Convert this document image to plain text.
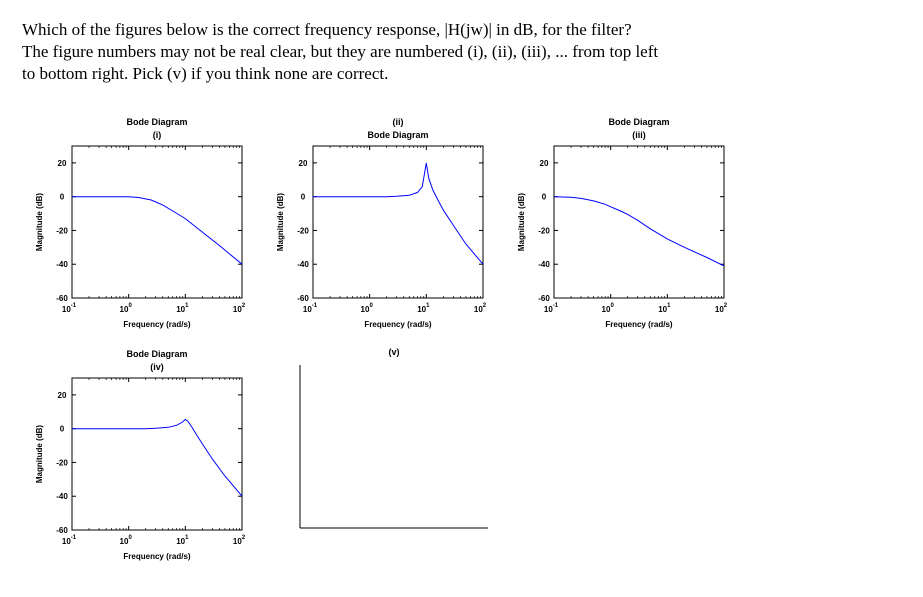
Which of the figures below is the correct frequency response, |H(jw)| in dB, for the filter?
The figure numbers may not be real clear, but they are numbered (i), (ii), (iii), ... from top left
to bottom right. Pick (v) if you think none are correct.
Bode Diagram
(i)
20
0
-20
-40
-60
$10^{-1}$	$10^0$	$10^1$	$10^2$
Frequency (rad/s)
Magnitude (dB)
Bode Diagram
(ii)
20
0
-20
-40
-60
$10^{-1}$	$10^0$	$10^1$	$10^2$
Frequency (rad/s)
Magnitude (dB)
Bode Diagram
(iii)
20
0
-20
-40
-60
$10^{-1}$	$10^0$	$10^1$	$10^2$
Frequency (rad/s)
Magnitude (dB)
Bode Diagram
(iv)
20
0
-20
-40
-60
$10^{-1}$	$10^0$	$10^1$	$10^2$
Frequency (rad/s)
Magnitude (dB)
(v)
